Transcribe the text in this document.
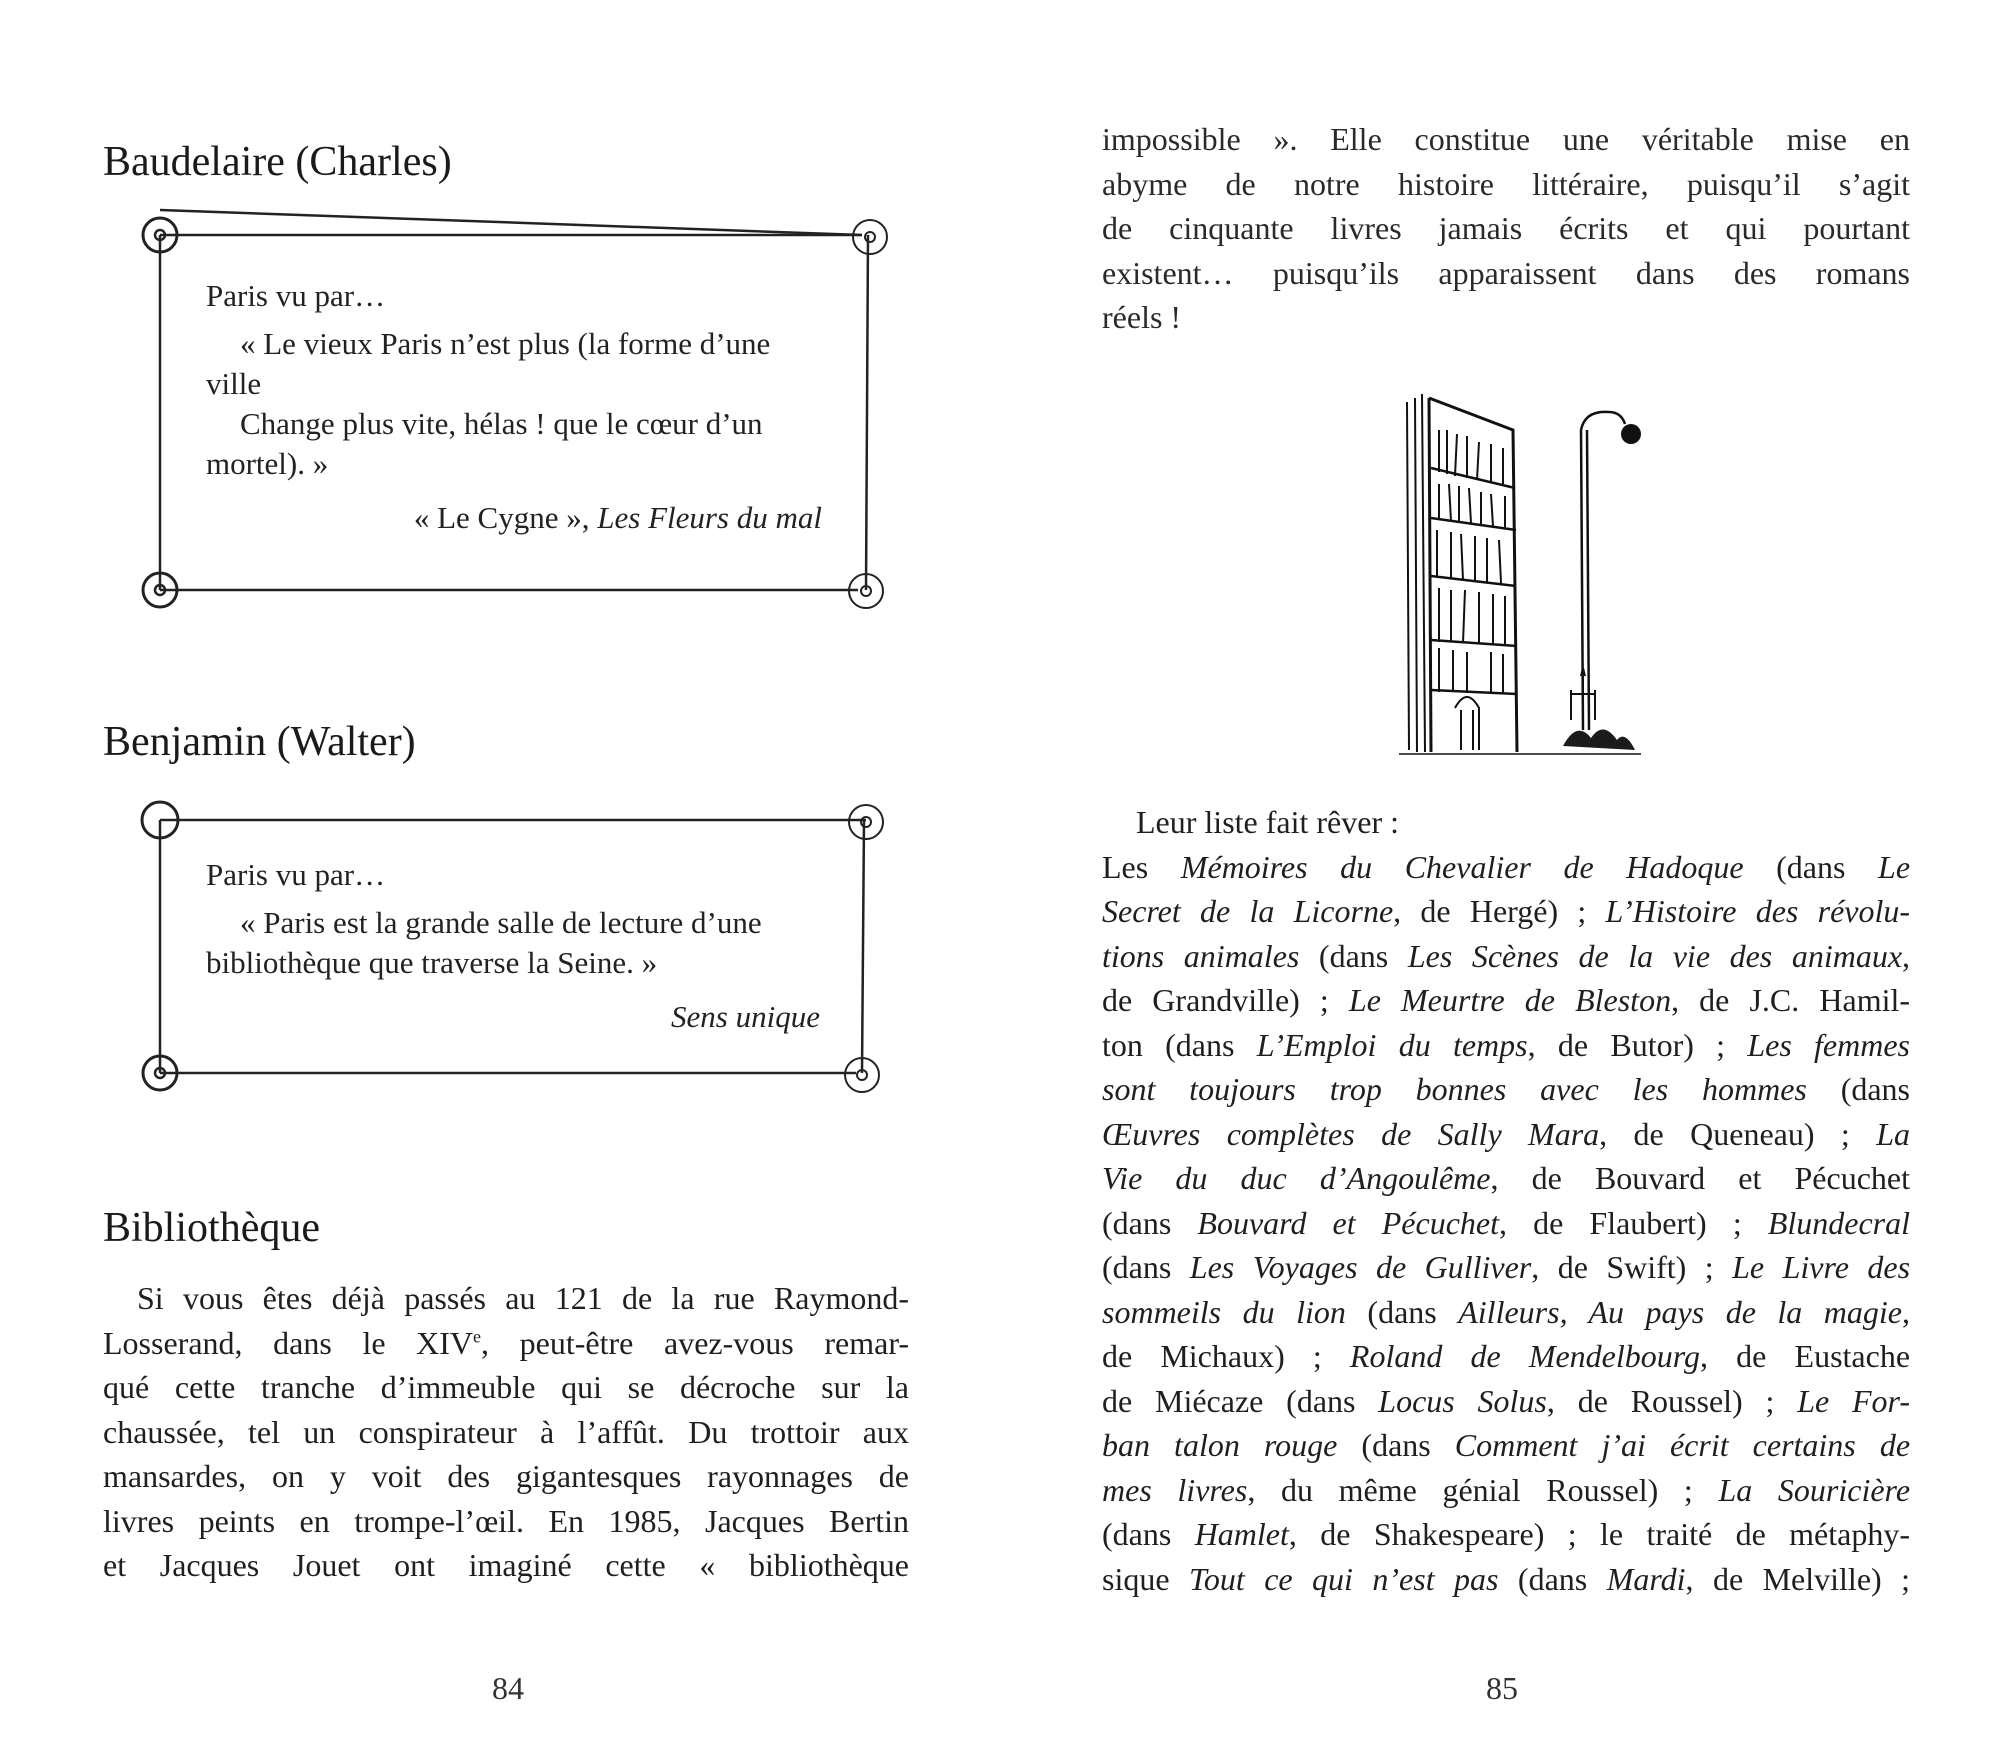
Baudelaire (Charles)

Paris vu par…

« Le vieux Paris n’est plus (la forme d’une
ville
Change plus vite, hélas ! que le cœur d’un
mortel). »

« Le Cygne », Les Fleurs du mal

Benjamin (Walter)

Paris vu par…

« Paris est la grande salle de lecture d’une
bibliothèque que traverse la Seine. »

Sens unique

Bibliothèque
Si vous êtes déjà passés au 121 de la rue Raymond-
Losserand, dans le XIVe, peut-être avez-vous remar-
qué cette tranche d’immeuble qui se décroche sur la
chaussée, tel un conspirateur à l’affût. Du trottoir aux
mansardes, on y voit des gigantesques rayonnages de
livres peints en trompe-l’œil. En 1985, Jacques Bertin
et Jacques Jouet ont imaginé cette « bibliothèque
84
impossible ». Elle constitue une véritable mise en
abyme de notre histoire littéraire, puisqu’il s’agit
de cinquante livres jamais écrits et qui pourtant
existent… puisqu’ils apparaissent dans des romans
réels !
Leur liste fait rêver :
Les Mémoires du Chevalier de Hadoque (dans Le
Secret de la Licorne, de Hergé) ; L’Histoire des révolu-
tions animales (dans Les Scènes de la vie des animaux,
de Grandville) ; Le Meurtre de Bleston, de J.C. Hamil-
ton (dans L’Emploi du temps, de Butor) ; Les femmes
sont toujours trop bonnes avec les hommes (dans
Œuvres complètes de Sally Mara, de Queneau) ; La
Vie du duc d’Angoulême, de Bouvard et Pécuchet
(dans Bouvard et Pécuchet, de Flaubert) ; Blundecral
(dans Les Voyages de Gulliver, de Swift) ; Le Livre des
sommeils du lion (dans Ailleurs, Au pays de la magie,
de Michaux) ; Roland de Mendelbourg, de Eustache
de Miécaze (dans Locus Solus, de Roussel) ; Le For-
ban talon rouge (dans Comment j’ai écrit certains de
mes livres, du même génial Roussel) ; La Souricière
(dans Hamlet, de Shakespeare) ; le traité de métaphy-
sique Tout ce qui n’est pas (dans Mardi, de Melville) ;
85
